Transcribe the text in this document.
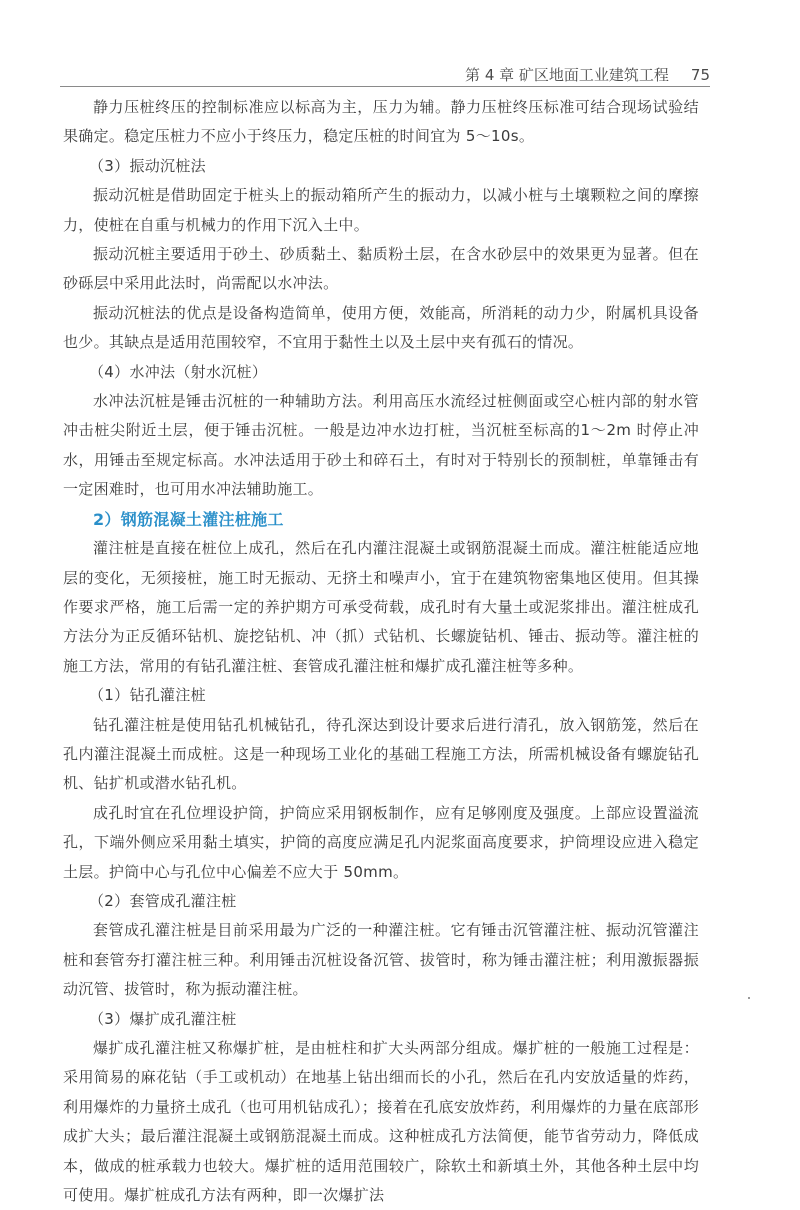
第 4 章 矿区地面工业建筑工程 75

静力压桩终压的控制标准应以标高为主，压力为辅。静力压桩终压标准可结合现场试验结果确定。稳定压桩力不应小于终压力，稳定压桩的时间宜为 5～10s。

（3）振动沉桩法

振动沉桩是借助固定于桩头上的振动箱所产生的振动力，以减小桩与土壤颗粒之间的摩擦力，使桩在自重与机械力的作用下沉入土中。

振动沉桩主要适用于砂土、砂质黏土、黏质粉土层，在含水砂层中的效果更为显著。但在砂砾层中采用此法时，尚需配以水冲法。

振动沉桩法的优点是设备构造简单，使用方便，效能高，所消耗的动力少，附属机具设备也少。其缺点是适用范围较窄，不宜用于黏性土以及土层中夹有孤石的情况。

（4）水冲法（射水沉桩）

水冲法沉桩是锤击沉桩的一种辅助方法。利用高压水流经过桩侧面或空心桩内部的射水管冲击桩尖附近土层，便于锤击沉桩。一般是边冲水边打桩，当沉桩至标高的1～2m 时停止冲水，用锤击至规定标高。水冲法适用于砂土和碎石土，有时对于特别长的预制桩，单靠锤击有一定困难时，也可用水冲法辅助施工。

2）钢筋混凝土灌注桩施工

灌注桩是直接在桩位上成孔，然后在孔内灌注混凝土或钢筋混凝土而成。灌注桩能适应地层的变化，无须接桩，施工时无振动、无挤土和噪声小，宜于在建筑物密集地区使用。但其操作要求严格，施工后需一定的养护期方可承受荷载，成孔时有大量土或泥浆排出。灌注桩成孔方法分为正反循环钻机、旋挖钻机、冲（抓）式钻机、长螺旋钻机、锤击、振动等。灌注桩的施工方法，常用的有钻孔灌注桩、套管成孔灌注桩和爆扩成孔灌注桩等多种。

（1）钻孔灌注桩

钻孔灌注桩是使用钻孔机械钻孔，待孔深达到设计要求后进行清孔，放入钢筋笼，然后在孔内灌注混凝土而成桩。这是一种现场工业化的基础工程施工方法，所需机械设备有螺旋钻孔机、钻扩机或潜水钻孔机。

成孔时宜在孔位埋设护筒，护筒应采用钢板制作，应有足够刚度及强度。上部应设置溢流孔，下端外侧应采用黏土填实，护筒的高度应满足孔内泥浆面高度要求，护筒埋设应进入稳定土层。护筒中心与孔位中心偏差不应大于 50mm。

（2）套管成孔灌注桩

套管成孔灌注桩是目前采用最为广泛的一种灌注桩。它有锤击沉管灌注桩、振动沉管灌注桩和套管夯打灌注桩三种。利用锤击沉桩设备沉管、拔管时，称为锤击灌注桩；利用激振器振动沉管、拔管时，称为振动灌注桩。

（3）爆扩成孔灌注桩

爆扩成孔灌注桩又称爆扩桩，是由桩柱和扩大头两部分组成。爆扩桩的一般施工过程是：采用简易的麻花钻（手工或机动）在地基上钻出细而长的小孔，然后在孔内安放适量的炸药，利用爆炸的力量挤土成孔（也可用机钻成孔）；接着在孔底安放炸药，利用爆炸的力量在底部形成扩大头；最后灌注混凝土或钢筋混凝土而成。这种桩成孔方法简便，能节省劳动力，降低成本，做成的桩承载力也较大。爆扩桩的适用范围较广，除软土和新填土外，其他各种土层中均可使用。爆扩桩成孔方法有两种，即一次爆扩法
